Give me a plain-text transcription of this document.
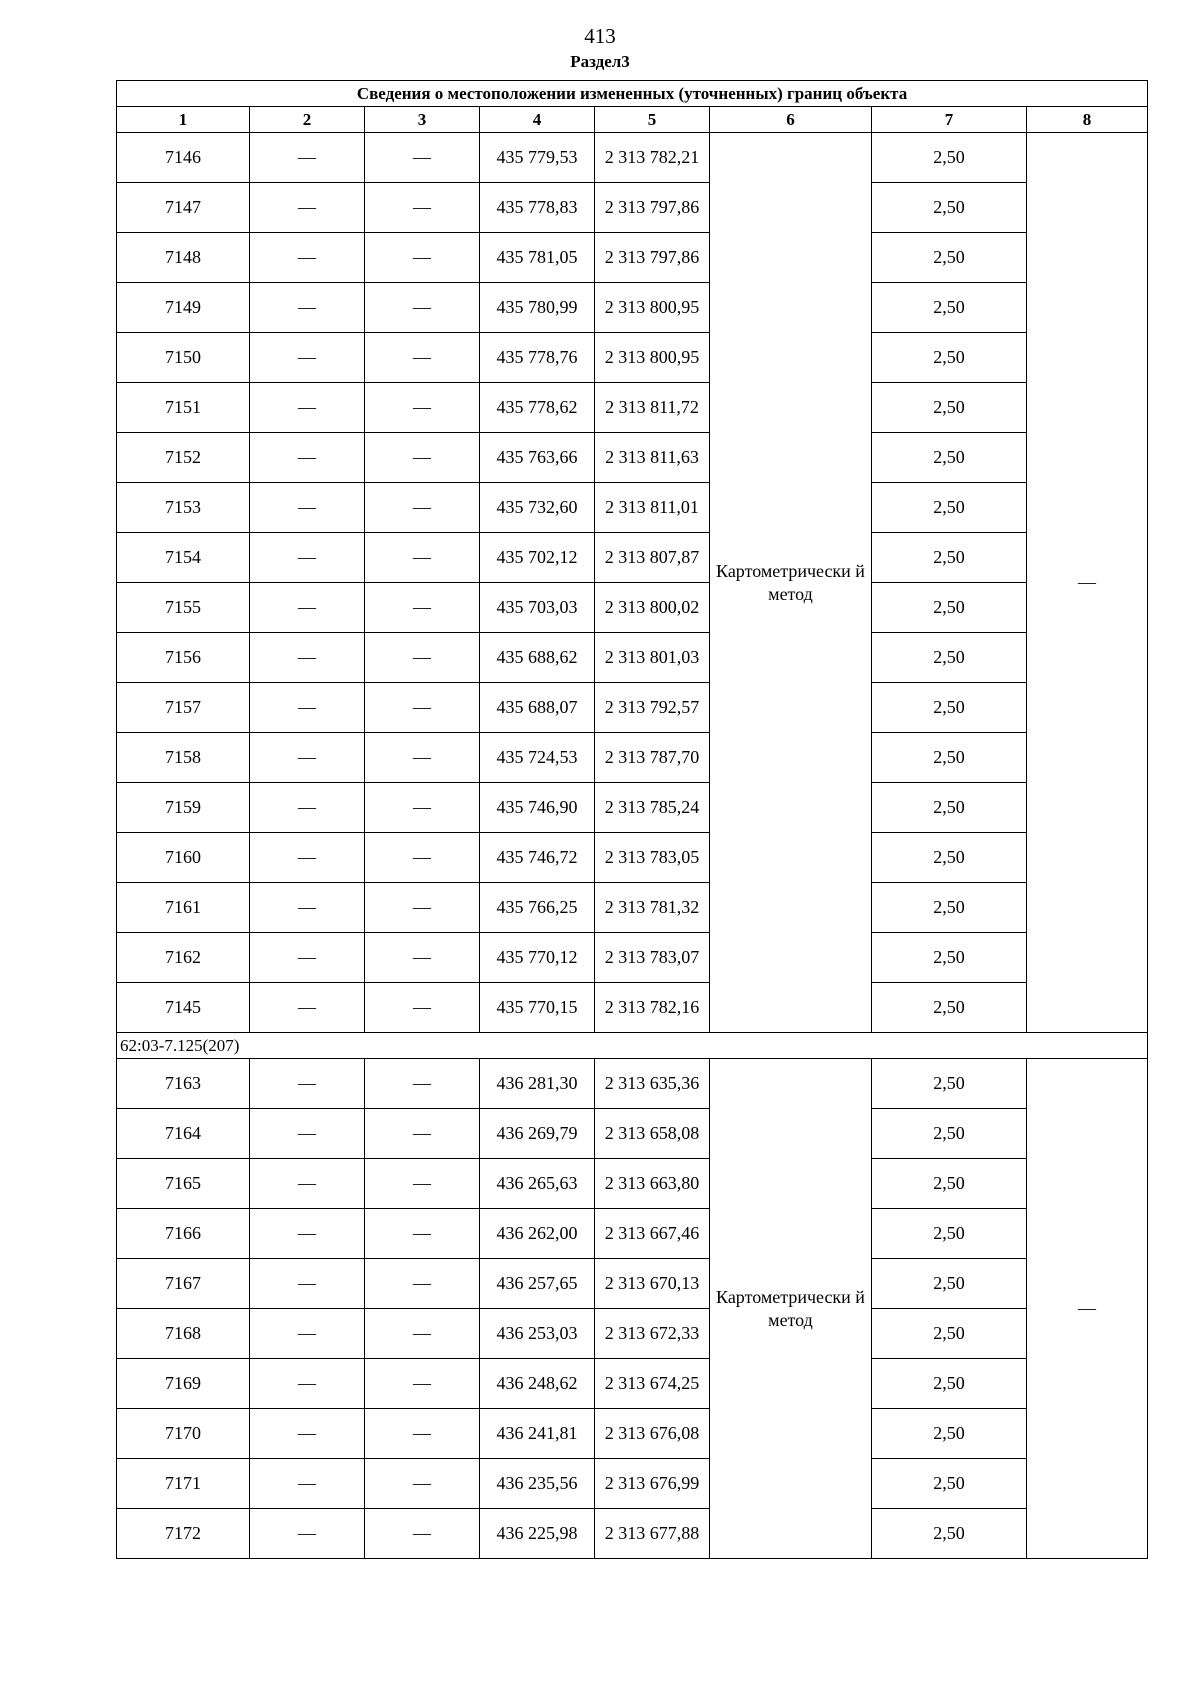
413
Раздел3
Сведения о местоположении измененных (уточненных) границ объекта							
1	2	3	4	5	6	7	8
7146	—	—	435 779,53	2 313 782,21	Картометрически й метод	2,50	—
7147	—	—	435 778,83	2 313 797,86		2,50	
7148	—	—	435 781,05	2 313 797,86		2,50	
7149	—	—	435 780,99	2 313 800,95		2,50	
7150	—	—	435 778,76	2 313 800,95		2,50	
7151	—	—	435 778,62	2 313 811,72		2,50	
7152	—	—	435 763,66	2 313 811,63		2,50	
7153	—	—	435 732,60	2 313 811,01		2,50	
7154	—	—	435 702,12	2 313 807,87		2,50	
7155	—	—	435 703,03	2 313 800,02		2,50	
7156	—	—	435 688,62	2 313 801,03		2,50	
7157	—	—	435 688,07	2 313 792,57		2,50	
7158	—	—	435 724,53	2 313 787,70		2,50	
7159	—	—	435 746,90	2 313 785,24		2,50	
7160	—	—	435 746,72	2 313 783,05		2,50	
7161	—	—	435 766,25	2 313 781,32		2,50	
7162	—	—	435 770,12	2 313 783,07		2,50	
7145	—	—	435 770,15	2 313 782,16		2,50	
62:03-7.125(207)							
7163	—	—	436 281,30	2 313 635,36	Картометрически й метод	2,50	—
7164	—	—	436 269,79	2 313 658,08		2,50	
7165	—	—	436 265,63	2 313 663,80		2,50	
7166	—	—	436 262,00	2 313 667,46		2,50	
7167	—	—	436 257,65	2 313 670,13		2,50	
7168	—	—	436 253,03	2 313 672,33		2,50	
7169	—	—	436 248,62	2 313 674,25		2,50	
7170	—	—	436 241,81	2 313 676,08		2,50	
7171	—	—	436 235,56	2 313 676,99		2,50	
7172	—	—	436 225,98	2 313 677,88		2,50	
